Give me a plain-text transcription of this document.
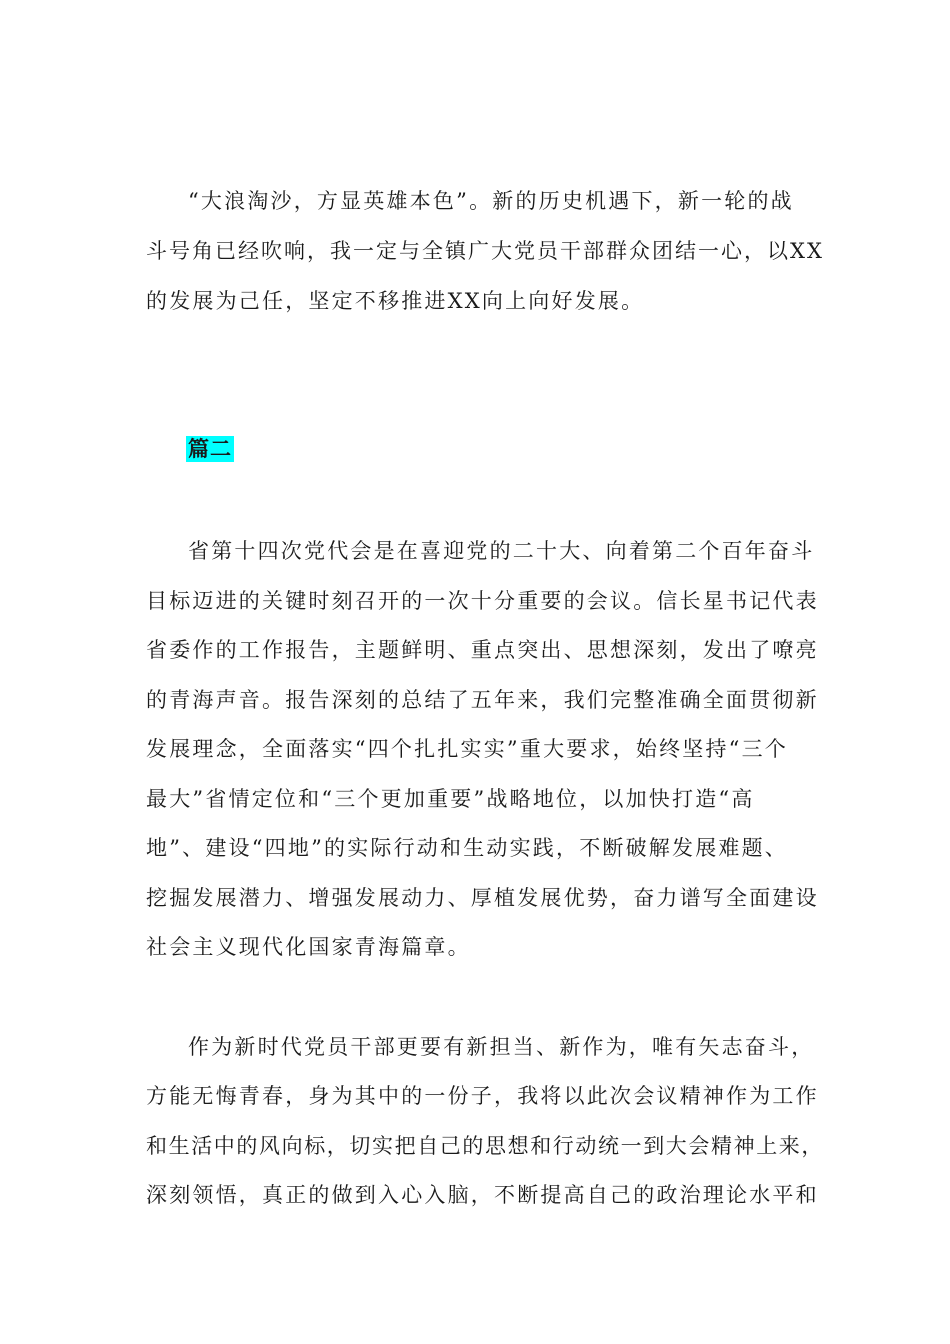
“大浪淘沙，方显英雄本色”。新的历史机遇下，新一轮的战
斗号角已经吹响，我一定与全镇广大党员干部群众团结一心，以XX
的发展为己任，坚定不移推进XX向上向好发展。
篇二
省第十四次党代会是在喜迎党的二十大、向着第二个百年奋斗
目标迈进的关键时刻召开的一次十分重要的会议。信长星书记代表
省委作的工作报告，主题鲜明、重点突出、思想深刻，发出了嘹亮
的青海声音。报告深刻的总结了五年来，我们完整准确全面贯彻新
发展理念，全面落实“四个扎扎实实”重大要求，始终坚持“三个
最大”省情定位和“三个更加重要”战略地位，以加快打造“高
地”、建设“四地”的实际行动和生动实践，不断破解发展难题、
挖掘发展潜力、增强发展动力、厚植发展优势，奋力谱写全面建设
社会主义现代化国家青海篇章。
作为新时代党员干部更要有新担当、新作为，唯有矢志奋斗，
方能无悔青春，身为其中的一份子，我将以此次会议精神作为工作
和生活中的风向标，切实把自己的思想和行动统一到大会精神上来，
深刻领悟，真正的做到入心入脑，不断提高自己的政治理论水平和
